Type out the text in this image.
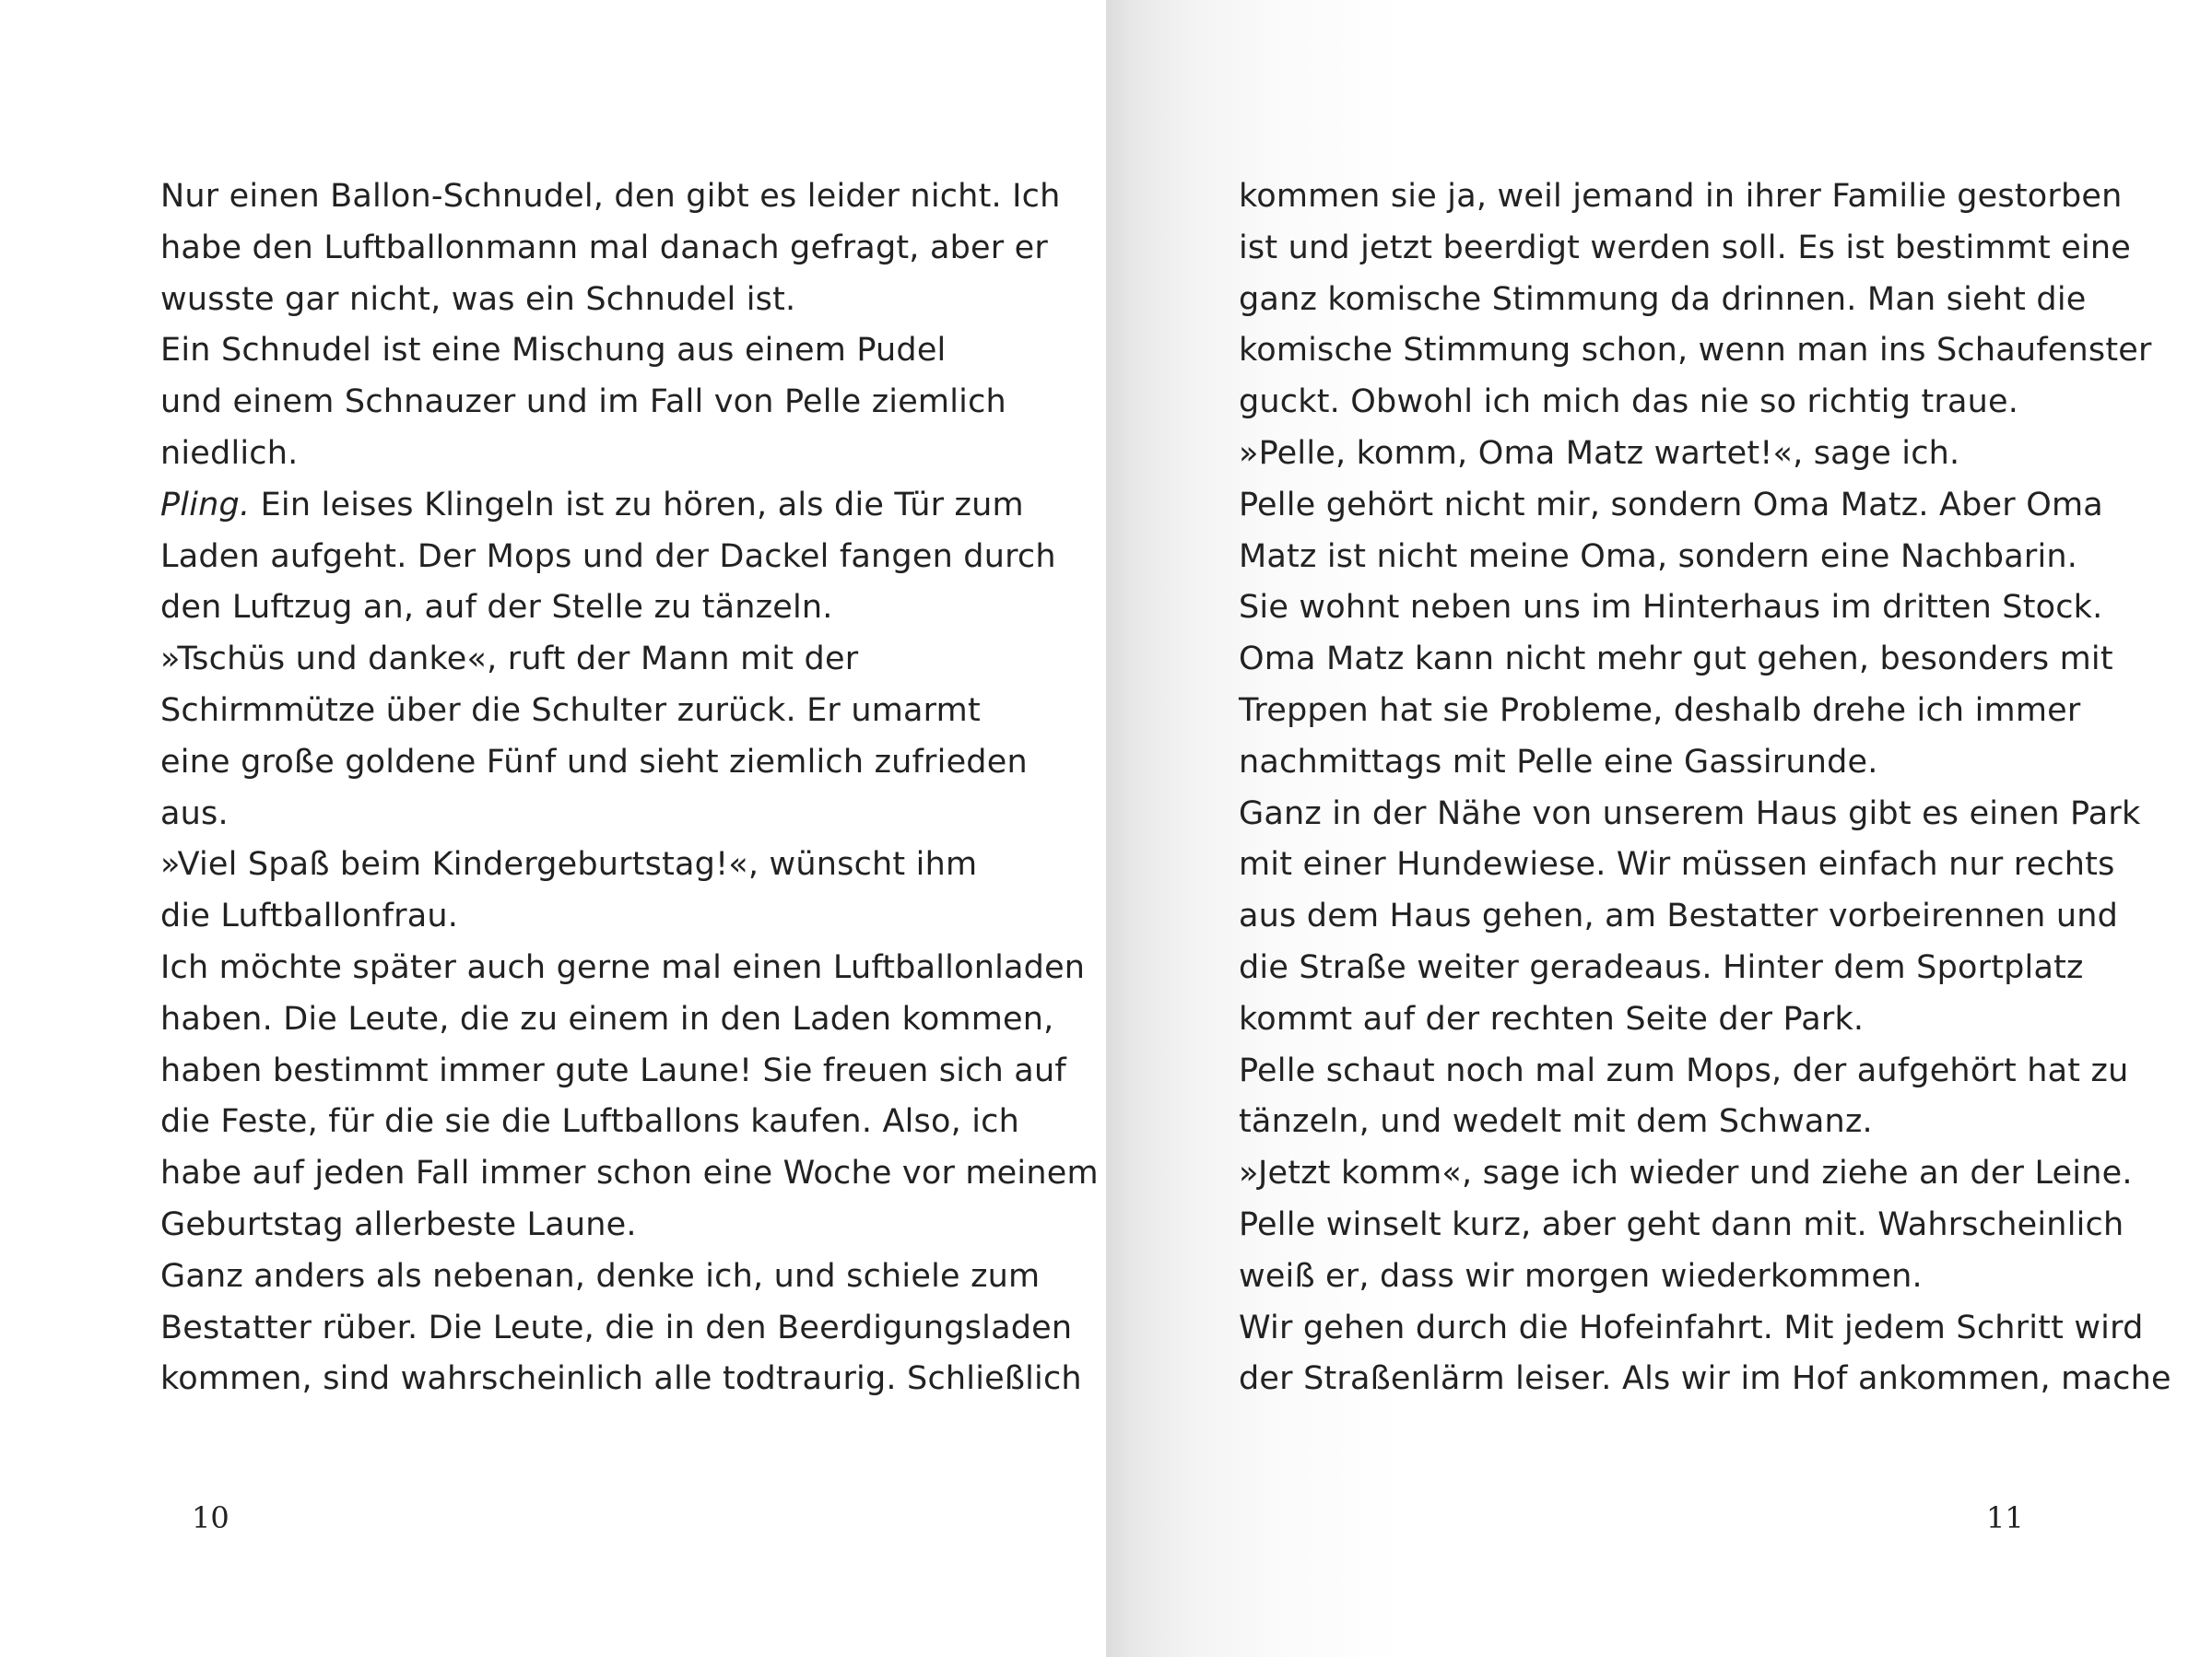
Nur einen Ballon-Schnudel, den gibt es leider nicht. Ich
habe den Luftballonmann mal danach gefragt, aber er
wusste gar nicht, was ein Schnudel ist.
Ein Schnudel ist eine Mischung aus einem Pudel
und einem Schnauzer und im Fall von Pelle ziemlich
niedlich.
Pling. Ein leises Klingeln ist zu hören, als die Tür zum
Laden aufgeht. Der Mops und der Dackel fangen durch
den Luftzug an, auf der Stelle zu tänzeln.
»Tschüs und danke«, ruft der Mann mit der
Schirmmütze über die Schulter zurück. Er umarmt
eine große goldene Fünf und sieht ziemlich zufrieden
aus.
»Viel Spaß beim Kindergeburtstag!«, wünscht ihm
die Luftballonfrau.
Ich möchte später auch gerne mal einen Luftballonladen
haben. Die Leute, die zu einem in den Laden kommen,
haben bestimmt immer gute Laune! Sie freuen sich auf
die Feste, für die sie die Luftballons kaufen. Also, ich
habe auf jeden Fall immer schon eine Woche vor meinem
Geburtstag allerbeste Laune.
Ganz anders als nebenan, denke ich, und schiele zum
Bestatter rüber. Die Leute, die in den Beerdigungsladen
kommen, sind wahrscheinlich alle todtraurig. Schließlich
10
kommen sie ja, weil jemand in ihrer Familie gestorben
ist und jetzt beerdigt werden soll. Es ist bestimmt eine
ganz komische Stimmung da drinnen. Man sieht die
komische Stimmung schon, wenn man ins Schaufenster
guckt. Obwohl ich mich das nie so richtig traue.
»Pelle, komm, Oma Matz wartet!«, sage ich.
Pelle gehört nicht mir, sondern Oma Matz. Aber Oma
Matz ist nicht meine Oma, sondern eine Nachbarin.
Sie wohnt neben uns im Hinterhaus im dritten Stock.
Oma Matz kann nicht mehr gut gehen, besonders mit
Treppen hat sie Probleme, deshalb drehe ich immer
nachmittags mit Pelle eine Gassirunde.
Ganz in der Nähe von unserem Haus gibt es einen Park
mit einer Hundewiese. Wir müssen einfach nur rechts
aus dem Haus gehen, am Bestatter vorbeirennen und
die Straße weiter geradeaus. Hinter dem Sportplatz
kommt auf der rechten Seite der Park.
Pelle schaut noch mal zum Mops, der aufgehört hat zu
tänzeln, und wedelt mit dem Schwanz.
»Jetzt komm«, sage ich wieder und ziehe an der Leine.
Pelle winselt kurz, aber geht dann mit. Wahrscheinlich
weiß er, dass wir morgen wiederkommen.
Wir gehen durch die Hofeinfahrt. Mit jedem Schritt wird
der Straßenlärm leiser. Als wir im Hof ankommen, mache
11
